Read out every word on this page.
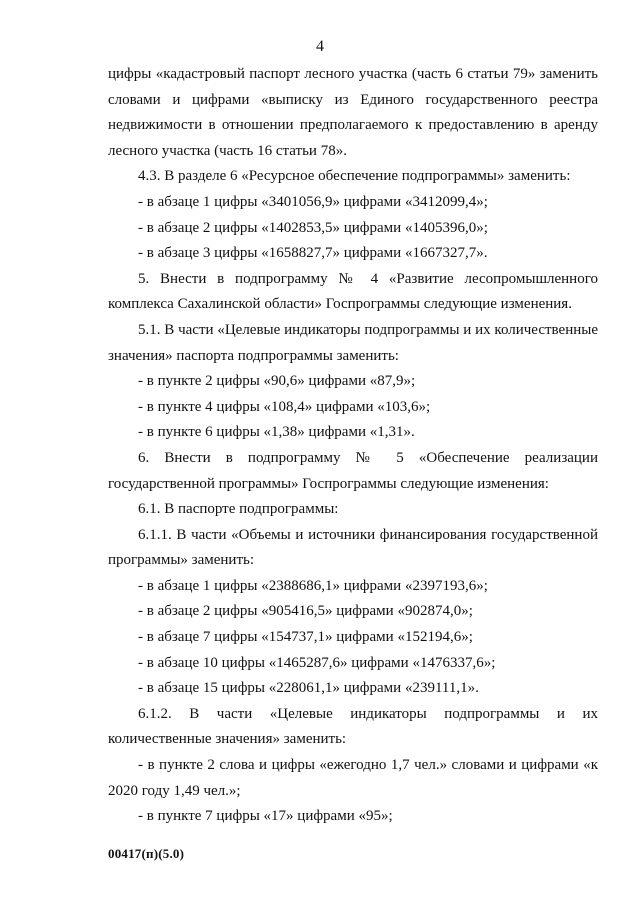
4

цифры «кадастровый паспорт лесного участка (часть 6 статьи 79» заменить словами и цифрами «выписку из Единого государственного реестра недвижимости в отношении предполагаемого к предоставлению в аренду лесного участка (часть 16 статьи 78».

4.3. В разделе 6 «Ресурсное обеспечение подпрограммы» заменить:

- в абзаце 1 цифры «3401056,9» цифрами «3412099,4»;

- в абзаце 2 цифры «1402853,5» цифрами «1405396,0»;

- в абзаце 3 цифры «1658827,7» цифрами «1667327,7».

5. Внести в подпрограмму № 4 «Развитие лесопромышленного комплекса Сахалинской области» Госпрограммы следующие изменения.

5.1. В части «Целевые индикаторы подпрограммы и их количественные значения» паспорта подпрограммы заменить:

- в пункте 2 цифры «90,6» цифрами «87,9»;

- в пункте 4 цифры «108,4» цифрами «103,6»;

- в пункте 6 цифры «1,38» цифрами «1,31».

6. Внести в подпрограмму № 5 «Обеспечение реализации государственной программы» Госпрограммы следующие изменения:

6.1. В паспорте подпрограммы:

6.1.1. В части «Объемы и источники финансирования государственной программы» заменить:

- в абзаце 1 цифры «2388686,1» цифрами «2397193,6»;

- в абзаце 2 цифры «905416,5» цифрами «902874,0»;

- в абзаце 7 цифры «154737,1» цифрами «152194,6»;

- в абзаце 10 цифры «1465287,6» цифрами «1476337,6»;

- в абзаце 15 цифры «228061,1» цифрами «239111,1».

6.1.2. В части «Целевые индикаторы подпрограммы и их количественные значения» заменить:

- в пункте 2 слова и цифры «ежегодно 1,7 чел.» словами и цифрами «к 2020 году 1,49 чел.»;

- в пункте 7 цифры «17» цифрами «95»;

00417(п)(5.0)
